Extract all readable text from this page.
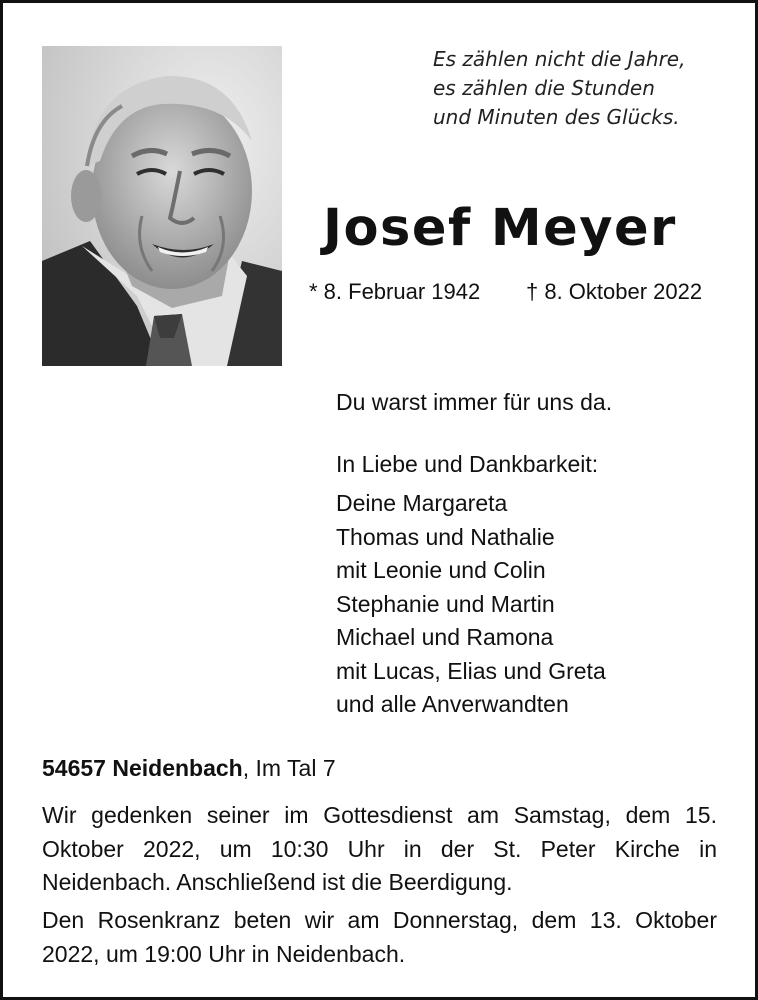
Es zählen nicht die Jahre,
es zählen die Stunden
und Minuten des Glücks.
Josef Meyer
* 8. Februar 1942 † 8. Oktober 2022
Du warst immer für uns da.
In Liebe und Dankbarkeit:
Deine Margareta
Thomas und Nathalie
mit Leonie und Colin
Stephanie und Martin
Michael und Ramona
mit Lucas, Elias und Greta
und alle Anverwandten
54657 Neidenbach, Im Tal 7
Wir gedenken seiner im Gottesdienst am Samstag, dem 15. Oktober 2022, um 10:30 Uhr in der St. Peter Kirche in Neidenbach. Anschließend ist die Beerdigung.
Den Rosenkranz beten wir am Donnerstag, dem 13. Oktober 2022, um 19:00 Uhr in Neidenbach.
